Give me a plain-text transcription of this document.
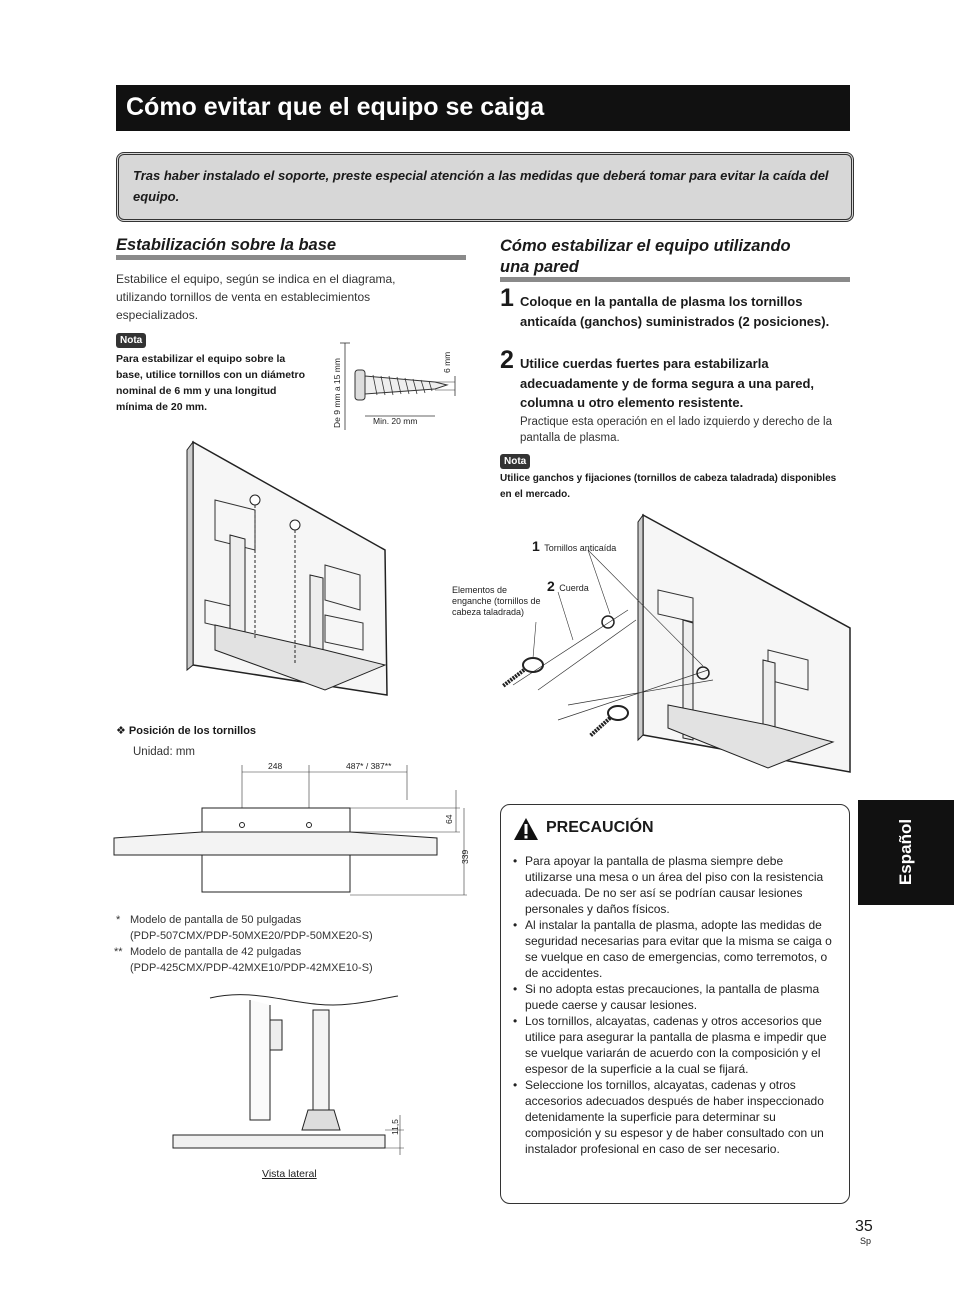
Cómo evitar que el equipo se caiga

Tras haber instalado el soporte, preste especial atención a las medidas que deberá tomar para evitar la caída del equipo.

Estabilización sobre la base
Estabilice el equipo, según se indica en el diagrama, utilizando tornillos de venta en establecimientos especializados.
Nota
Para estabilizar el equipo sobre la base, utilice tornillos con un diámetro nominal de 6 mm y una longitud mínima de 20 mm.	De 9 mm a 15 mm	6 mm
Min. 20 mm
❖ Posición de los tornillos
Unidad: mm
248	487* / 387**
64
339
* Modelo de pantalla de 50 pulgadas
(PDP-507CMX/PDP-50MXE20/PDP-50MXE20-S)
** Modelo de pantalla de 42 pulgadas
(PDP-425CMX/PDP-42MXE10/PDP-42MXE10-S)
11,5
Vista lateral
Cómo estabilizar el equipo utilizando
una pared
1 Coloque en la pantalla de plasma los tornillos anticaída (ganchos) suministrados (2 posiciones).
2 Utilice cuerdas fuertes para estabilizarla adecuadamente y de forma segura a una pared, columna u otro elemento resistente.
Practique esta operación en el lado izquierdo y derecho de la pantalla de plasma.
Nota
Utilice ganchos y fijaciones (tornillos de cabeza taladrada) disponibles en el mercado.
1 Tornillos anticaída
2 Cuerda
Elementos de
enganche (tornillos de
cabeza taladrada)
PRECAUCIÓN
• Para apoyar la pantalla de plasma siempre debe utilizarse una mesa o un área del piso con la resistencia adecuada. De no ser así se podrían causar lesiones personales y daños físicos.
• Al instalar la pantalla de plasma, adopte las medidas de seguridad necesarias para evitar que la misma se caiga o se vuelque en caso de emergencias, como terremotos, o de accidentes.
• Si no adopta estas precauciones, la pantalla de plasma puede caerse y causar lesiones.
• Los tornillos, alcayatas, cadenas y otros accesorios que utilice para asegurar la pantalla de plasma e impedir que se vuelque variarán de acuerdo con la composición y el espesor de la superficie a la cual se fijará.
• Seleccione los tornillos, alcayatas, cadenas y otros accesorios adecuados después de haber inspeccionado detenidamente la superficie para determinar su composición y su espesor y de haber consultado con un instalador profesional en caso de ser necesario.
Español
35
Sp
